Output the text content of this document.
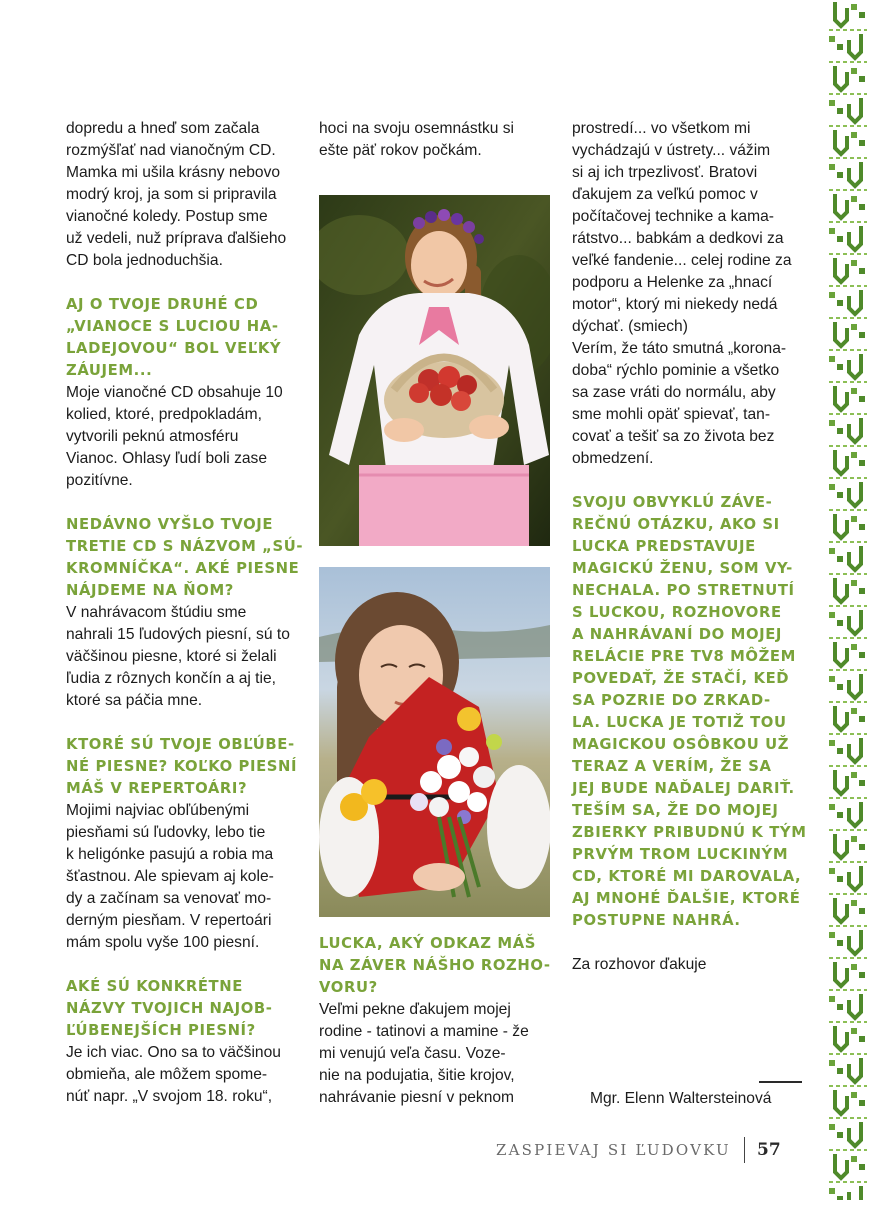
dopredu a hneď som začala
rozmýšľať nad vianočným CD.
Mamka mi ušila krásny nebovo
modrý kroj, ja som si pripravila
vianočné koledy. Postup sme
už vedeli, nuž príprava ďalšieho
CD bola jednoduchšia.

AJ O TVOJE DRUHÉ CD
„VIANOCE S LUCIOU HA-
LADEJOVOU“ BOL VEĽKÝ
ZÁUJEM...

Moje vianočné CD obsahuje 10
kolied, ktoré, predpokladám,
vytvorili peknú atmosféru
Vianoc. Ohlasy ľudí boli zase
pozitívne.

NEDÁVNO VYŠLO TVOJE
TRETIE CD S NÁZVOM „SÚ-
KROMNÍČKA“. AKÉ PIESNE
NÁJDEME NA ŇOM?

V nahrávacom štúdiu sme
nahrali 15 ľudových piesní, sú to
väčšinou piesne, ktoré si želali
ľudia z rôznych končín a aj tie,
ktoré sa páčia mne.

KTORÉ SÚ TVOJE OBĽÚBE-
NÉ PIESNE? KOĽKO PIESNÍ
MÁŠ V REPERTOÁRI?

Mojimi najviac obľúbenými
piesňami sú ľudovky, lebo tie
k heligónke pasujú a robia ma
šťastnou. Ale spievam aj kole-
dy a začínam sa venovať mo-
derným piesňam. V repertoári
mám spolu vyše 100 piesní.

AKÉ SÚ KONKRÉTNE
NÁZVY TVOJICH NAJOB-
ĽÚBENEJŠÍCH PIESNÍ?

Je ich viac. Ono sa to väčšinou
obmieňa, ale môžem spome-
núť napr. „V svojom 18. roku“,

hoci na svoju osemnástku si
ešte päť rokov počkám.

LUCKA, AKÝ ODKAZ MÁŠ
NA ZÁVER NÁŠHO ROZHO-
VORU?

Veľmi pekne ďakujem mojej
rodine - tatinovi a mamine - že
mi venujú veľa času. Voze-
nie na podujatia, šitie krojov,
nahrávanie piesní v peknom

prostredí... vo všetkom mi
vychádzajú v ústrety... vážim
si aj ich trpezlivosť. Bratovi
ďakujem za veľkú pomoc v
počítačovej technike a kama-
rátstvo... babkám a dedkovi za
veľké fandenie... celej rodine za
podporu a Helenke za „hnací
motor“, ktorý mi niekedy nedá
dýchať. (smiech)
Verím, že táto smutná „korona-
doba“ rýchlo pominie a všetko
sa zase vráti do normálu, aby
sme mohli opäť spievať, tan-
covať a tešiť sa zo života bez
obmedzení.

SVOJU OBVYKLÚ ZÁVE-
REČNÚ OTÁZKU, AKO SI
LUCKA PREDSTAVUJE
MAGICKÚ ŽENU, SOM VY-
NECHALA. PO STRETNUTÍ
S LUCKOU, ROZHOVORE
A NAHRÁVANÍ DO MOJEJ
RELÁCIE PRE TV8 MÔŽEM
POVEDAŤ, ŽE STAČÍ, KEĎ
SA POZRIE DO ZRKAD-
LA. LUCKA JE TOTIŽ TOU
MAGICKOU OSÔBKOU UŽ
TERAZ A VERÍM, ŽE SA
JEJ BUDE NAĎALEJ DARIŤ.
TEŠÍM SA, ŽE DO MOJEJ
ZBIERKY PRIBUDNÚ K TÝM
PRVÝM TROM LUCKINÝM
CD, KTORÉ MI DAROVALA,
AJ MNOHÉ ĎALŠIE, KTORÉ
POSTUPNE NAHRÁ.

Za rozhovor ďakuje

Mgr. Elenn Waltersteinová
ZASPIEVAJ SI ĽUDOVKU 57
